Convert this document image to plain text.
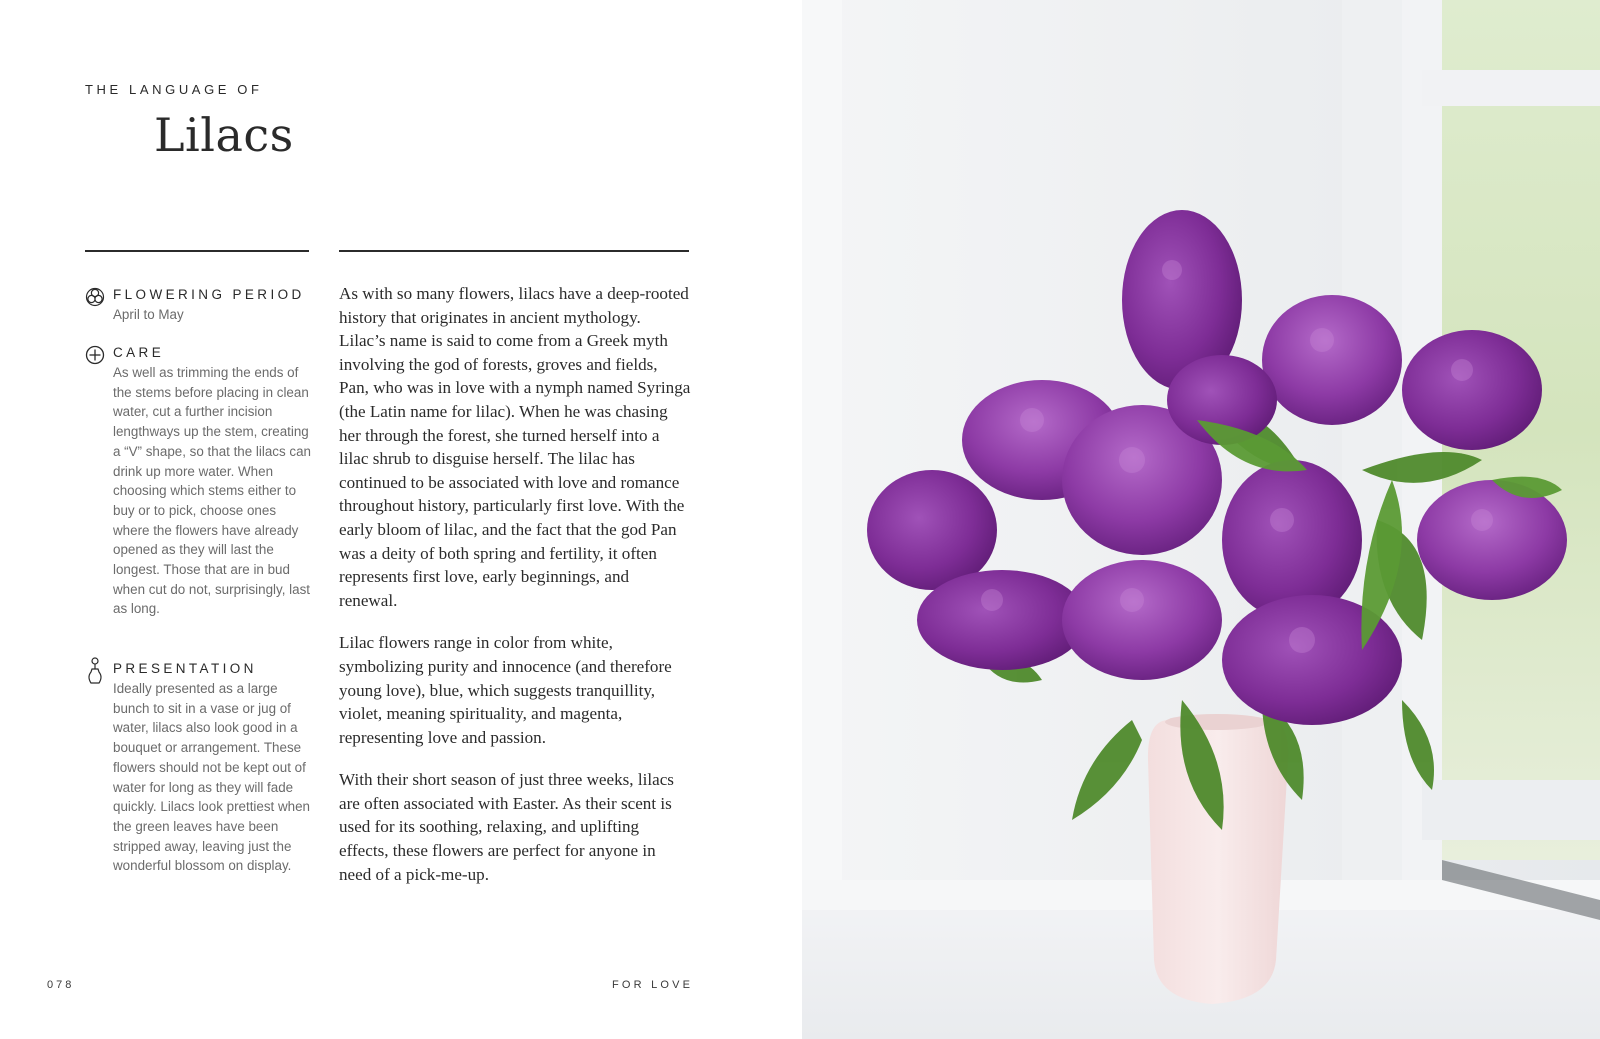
THE LANGUAGE OF
Lilacs
FLOWERING PERIOD
April to May
CARE
As well as trimming the ends of the stems before placing in clean water, cut a further incision lengthways up the stem, creating a “V” shape, so that the lilacs can drink up more water. When choosing which stems either to buy or to pick, choose ones where the flowers have already opened as they will last the longest. Those that are in bud when cut do not, surprisingly, last as long.
PRESENTATION
Ideally presented as a large bunch to sit in a vase or jug of water, lilacs also look good in a bouquet or arrangement. These flowers should not be kept out of water for long as they will fade quickly. Lilacs look prettiest when the green leaves have been stripped away, leaving just the wonderful blossom on display.

As with so many flowers, lilacs have a deep-rooted history that originates in ancient mythology. Lilac’s name is said to come from a Greek myth involving the god of forests, groves and fields, Pan, who was in love with a nymph named Syringa (the Latin name for lilac). When he was chasing her through the forest, she turned herself into a lilac shrub to disguise herself. The lilac has continued to be associated with love and romance throughout history, particularly first love. With the early bloom of lilac, and the fact that the god Pan was a deity of both spring and fertility, it often represents first love, early beginnings, and renewal.

Lilac flowers range in color from white, symbolizing purity and innocence (and therefore young love), blue, which suggests tranquillity, violet, meaning spirituality, and magenta, representing love and passion.

With their short season of just three weeks, lilacs are often associated with Easter. As their scent is used for its soothing, relaxing, and uplifting effects, these flowers are perfect for anyone in need of a pick-me-up.

078	FOR LOVE
